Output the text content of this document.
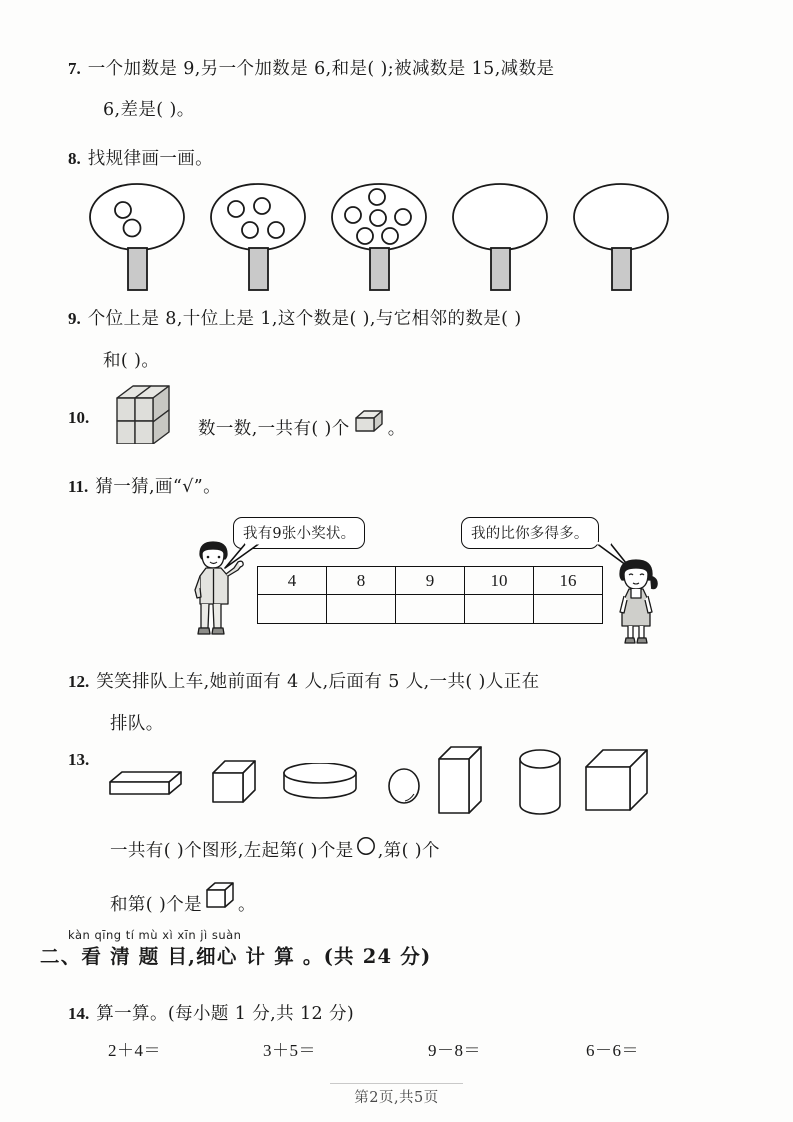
7. 一个加数是 9,另一个加数是 6,和是( );被减数是 15,减数是
6,差是( )。
8. 找规律画一画。
9. 个位上是 8,十位上是 1,这个数是( ),与它相邻的数是( )
和( )。
10.
数一数,一共有( )个 。
11. 猜一猜,画“√”。
我有9张小奖状。	我的比你多得多。
4	8	9	10	16

12. 笑笑排队上车,她前面有 4 人,后面有 5 人,一共( )人正在
排队。
13.
一共有( )个图形,左起第( )个是 ,第( )个
和第( )个是 。
kàn qīng tí mù xì xīn jì suàn
二、看 清 题 目,细心 计 算 。(共 24 分)
14. 算一算。(每小题 1 分,共 12 分)
2＋4＝	3＋5＝	9－8＝	6－6＝
第2页,共5页
